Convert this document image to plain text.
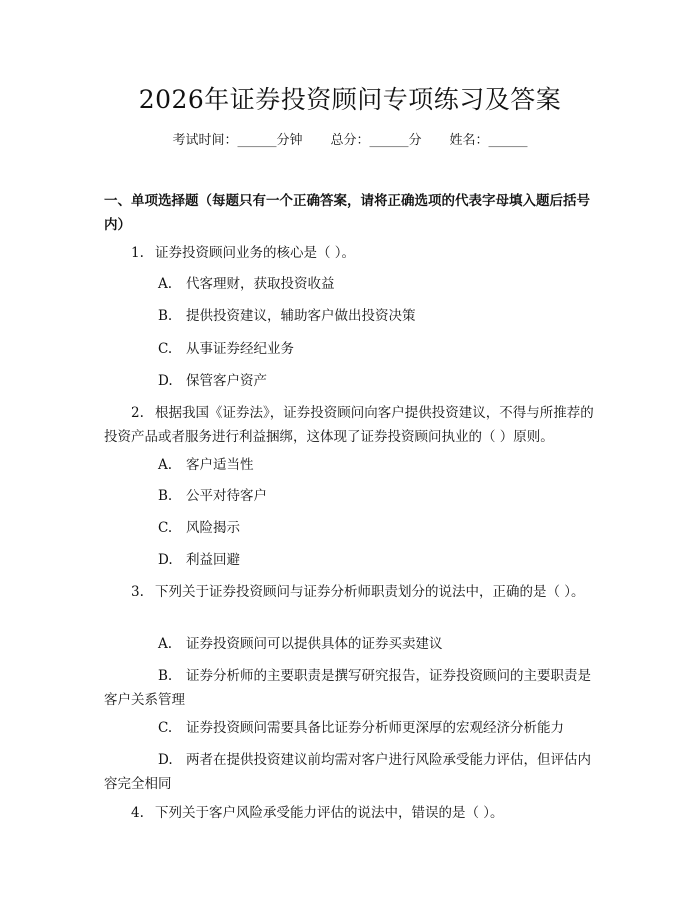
2026年证券投资顾问专项练习及答案
考试时间：______分钟 总分：______分 姓名：______
一、单项选择题（每题只有一个正确答案，请将正确选项的代表字母填入题后括号内）
1. 证券投资顾问业务的核心是（ ）。
A. 代客理财，获取投资收益
B. 提供投资建议，辅助客户做出投资决策
C. 从事证券经纪业务
D. 保管客户资产
2. 根据我国《证券法》，证券投资顾问向客户提供投资建议，不得与所推荐的投资产品或者服务进行利益捆绑，这体现了证券投资顾问执业的（ ）原则。
A. 客户适当性
B. 公平对待客户
C. 风险揭示
D. 利益回避
3. 下列关于证券投资顾问与证券分析师职责划分的说法中，正确的是（ ）。
A. 证券投资顾问可以提供具体的证券买卖建议
B. 证券分析师的主要职责是撰写研究报告，证券投资顾问的主要职责是客户关系管理
C. 证券投资顾问需要具备比证券分析师更深厚的宏观经济分析能力
D. 两者在提供投资建议前均需对客户进行风险承受能力评估，但评估内容完全相同
4. 下列关于客户风险承受能力评估的说法中，错误的是（ ）。
